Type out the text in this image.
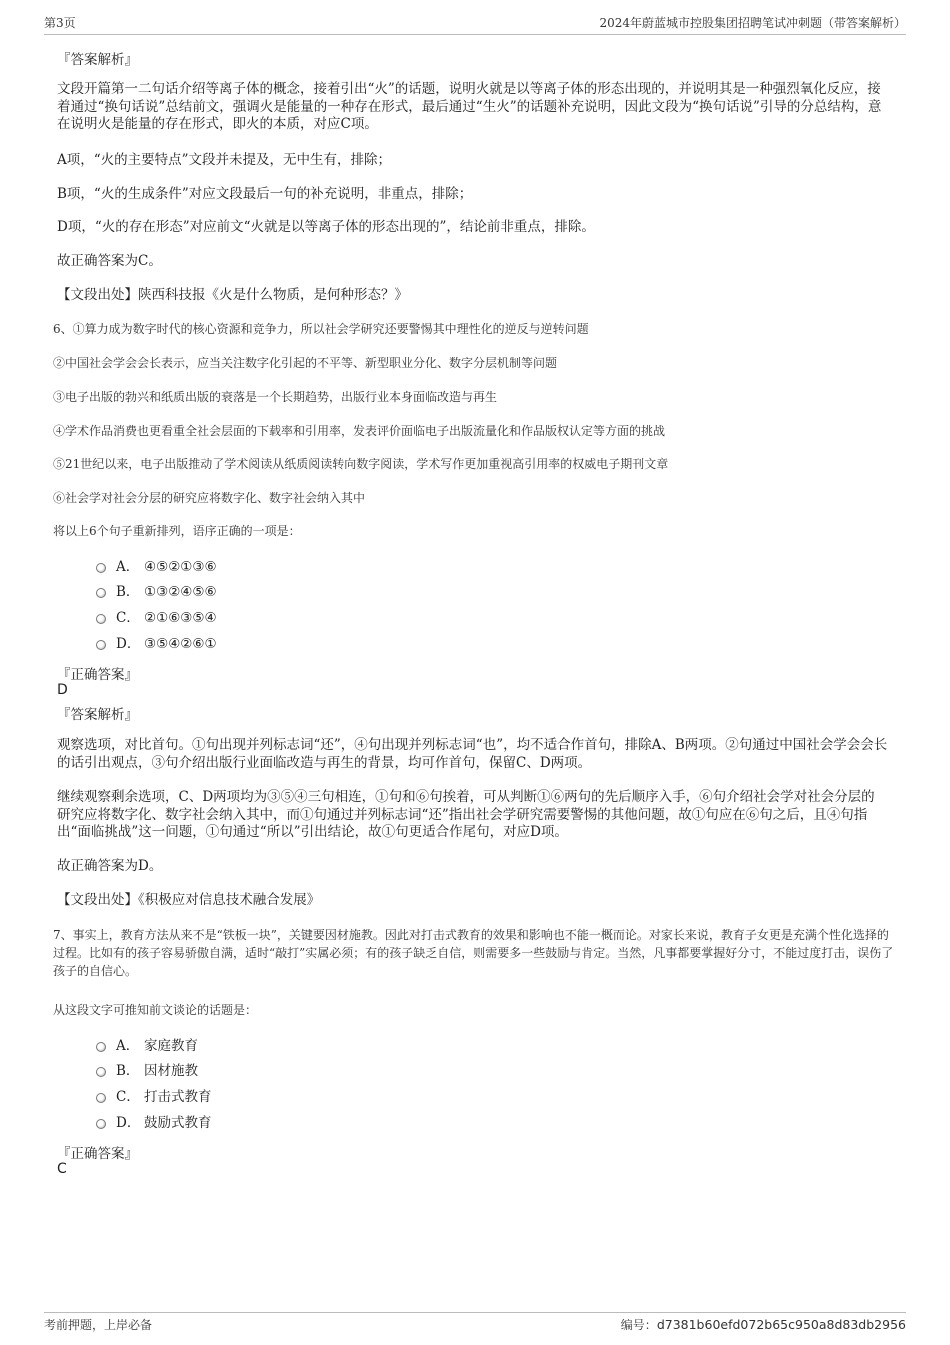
第3页	2024年蔚蓝城市控股集团招聘笔试冲刺题（带答案解析）
『答案解析』
文段开篇第一二句话介绍等离子体的概念，接着引出“火”的话题，说明火就是以等离子体的形态出现的，并说明其是一种强烈氧化反应，接着通过“换句话说”总结前文，强调火是能量的一种存在形式，最后通过“生火”的话题补充说明，因此文段为“换句话说”引导的分总结构，意在说明火是能量的存在形式，即火的本质，对应C项。
A项，“火的主要特点”文段并未提及，无中生有，排除；
B项，“火的生成条件”对应文段最后一句的补充说明，非重点，排除；
D项，“火的存在形态”对应前文“火就是以等离子体的形态出现的”，结论前非重点，排除。
故正确答案为C。
【文段出处】陕西科技报《火是什么物质，是何种形态？》
6、①算力成为数字时代的核心资源和竞争力，所以社会学研究还要警惕其中理性化的逆反与逆转问题
②中国社会学会会长表示，应当关注数字化引起的不平等、新型职业分化、数字分层机制等问题
③电子出版的勃兴和纸质出版的衰落是一个长期趋势，出版行业本身面临改造与再生
④学术作品消费也更看重全社会层面的下载率和引用率，发表评价面临电子出版流量化和作品版权认定等方面的挑战
⑤21世纪以来，电子出版推动了学术阅读从纸质阅读转向数字阅读，学术写作更加重视高引用率的权威电子期刊文章
⑥社会学对社会分层的研究应将数字化、数字社会纳入其中
将以上6个句子重新排列，语序正确的一项是：
A． ④⑤②①③⑥
B． ①③②④⑤⑥
C． ②①⑥③⑤④
D． ③⑤④②⑥①
『正确答案』
D
『答案解析』
观察选项，对比首句。①句出现并列标志词“还”，④句出现并列标志词“也”，均不适合作首句，排除A、B两项。②句通过中国社会学会会长的话引出观点，③句介绍出版行业面临改造与再生的背景，均可作首句，保留C、D两项。
继续观察剩余选项，C、D两项均为③⑤④三句相连，①句和⑥句挨着，可从判断①⑥两句的先后顺序入手，⑥句介绍社会学对社会分层的研究应将数字化、数字社会纳入其中，而①句通过并列标志词“还”指出社会学研究需要警惕的其他问题，故①句应在⑥句之后，且④句指出“面临挑战”这一问题，①句通过“所以”引出结论，故①句更适合作尾句，对应D项。
故正确答案为D。
【文段出处】《积极应对信息技术融合发展》
7、事实上，教育方法从来不是“铁板一块”，关键要因材施教。因此对打击式教育的效果和影响也不能一概而论。对家长来说，教育子女更是充满个性化选择的过程。比如有的孩子容易骄傲自满，适时“敲打”实属必须；有的孩子缺乏自信，则需要多一些鼓励与肯定。当然，凡事都要掌握好分寸，不能过度打击，误伤了孩子的自信心。
从这段文字可推知前文谈论的话题是：
A． 家庭教育
B． 因材施教
C． 打击式教育
D． 鼓励式教育
『正确答案』
C
考前押题，上岸必备	编号：d7381b60efd072b65c950a8d83db2956
